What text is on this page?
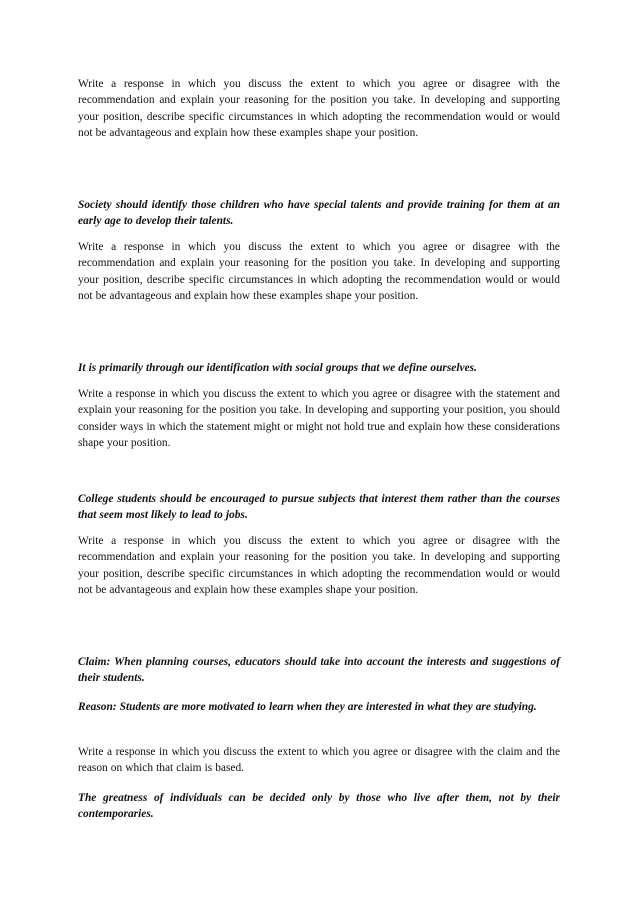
Write a response in which you discuss the extent to which you agree or disagree with the recommendation and explain your reasoning for the position you take. In developing and supporting your position, describe specific circumstances in which adopting the recommendation would or would not be advantageous and explain how these examples shape your position.

Society should identify those children who have special talents and provide training for them at an early age to develop their talents.

Write a response in which you discuss the extent to which you agree or disagree with the recommendation and explain your reasoning for the position you take. In developing and supporting your position, describe specific circumstances in which adopting the recommendation would or would not be advantageous and explain how these examples shape your position.

It is primarily through our identification with social groups that we define ourselves.

Write a response in which you discuss the extent to which you agree or disagree with the statement and explain your reasoning for the position you take. In developing and supporting your position, you should consider ways in which the statement might or might not hold true and explain how these considerations shape your position.

College students should be encouraged to pursue subjects that interest them rather than the courses that seem most likely to lead to jobs.

Write a response in which you discuss the extent to which you agree or disagree with the recommendation and explain your reasoning for the position you take. In developing and supporting your position, describe specific circumstances in which adopting the recommendation would or would not be advantageous and explain how these examples shape your position.

Claim: When planning courses, educators should take into account the interests and suggestions of their students.

Reason: Students are more motivated to learn when they are interested in what they are studying.

Write a response in which you discuss the extent to which you agree or disagree with the claim and the reason on which that claim is based.

The greatness of individuals can be decided only by those who live after them, not by their contemporaries.
